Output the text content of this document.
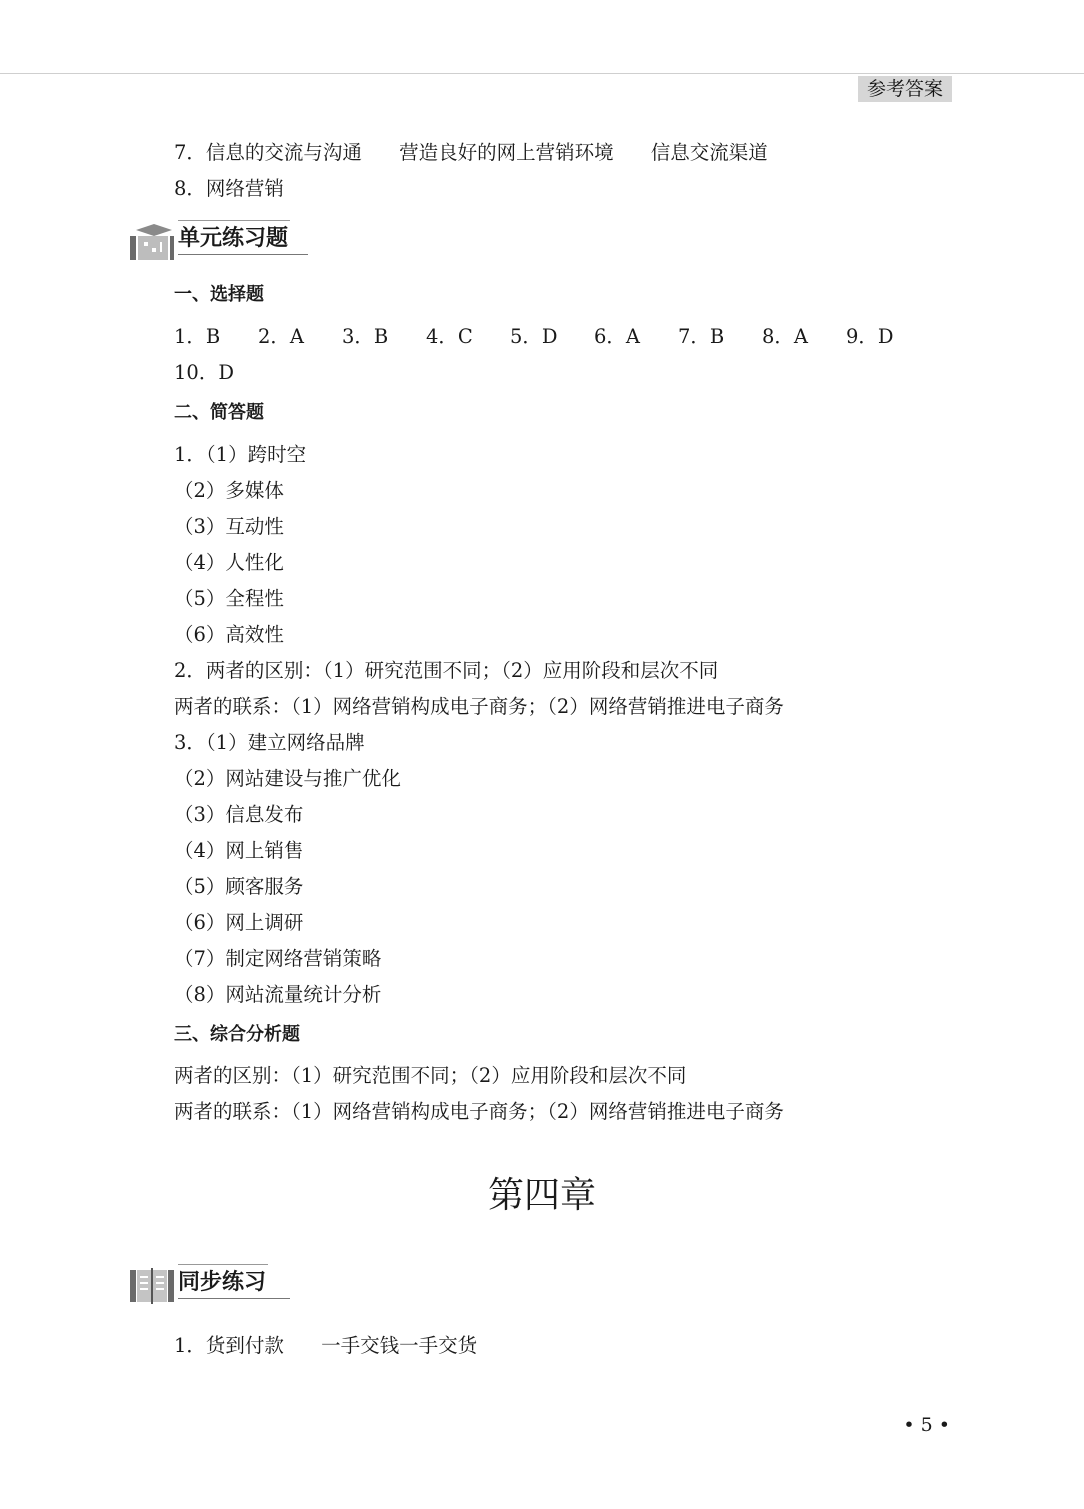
参考答案
7．信息的交流与沟通      营造良好的网上营销环境      信息交流渠道
8．网络营销
单元练习题
一、选择题

1．B

2．A

3．B

4．C

5．D

6．A

7．B

8．A

9．D

10．D
二、简答题
1．（1）跨时空
（2）多媒体
（3）互动性
（4）人性化
（5）全程性
（6）高效性
2．两者的区别：（1）研究范围不同；（2）应用阶段和层次不同
两者的联系：（1）网络营销构成电子商务；（2）网络营销推进电子商务
3．（1）建立网络品牌
（2）网站建设与推广优化
（3）信息发布
（4）网上销售
（5）顾客服务
（6）网上调研
（7）制定网络营销策略
（8）网站流量统计分析
三、综合分析题
两者的区别：（1）研究范围不同；（2）应用阶段和层次不同
两者的联系：（1）网络营销构成电子商务；（2）网络营销推进电子商务
第四章
同步练习
1．货到付款      一手交钱一手交货
• 5 •
